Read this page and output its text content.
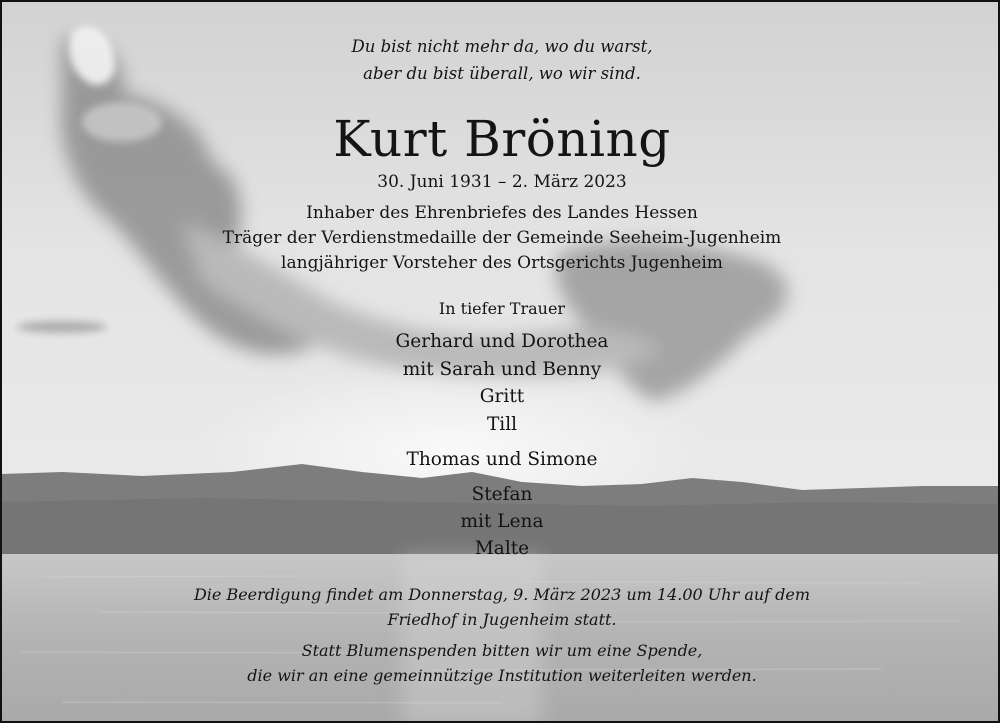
Du bist nicht mehr da, wo du warst,
aber du bist überall, wo wir sind.
Kurt Bröning
30. Juni 1931 – 2. März 2023
Inhaber des Ehrenbriefes des Landes Hessen
Träger der Verdienstmedaille der Gemeinde Seeheim-Jugenheim
langjähriger Vorsteher des Ortsgerichts Jugenheim
In tiefer Trauer
Gerhard und Dorothea
mit Sarah und Benny
Gritt
Till
Thomas und Simone
Stefan
mit Lena
Malte
Die Beerdigung findet am Donnerstag, 9. März 2023 um 14.00 Uhr auf dem
Friedhof in Jugenheim statt.
Statt Blumenspenden bitten wir um eine Spende,
die wir an eine gemeinnützige Institution weiterleiten werden.
